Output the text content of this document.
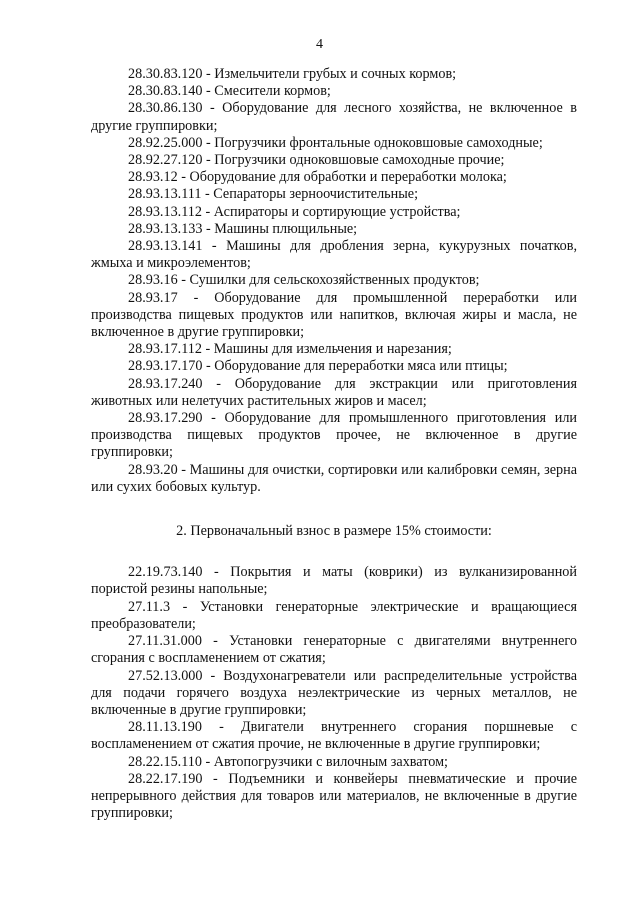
4

28.30.83.120 - Измельчители грубых и сочных кормов;

28.30.83.140 - Смесители кормов;

28.30.86.130 - Оборудование для лесного хозяйства, не включенное в другие группировки;

28.92.25.000 - Погрузчики фронтальные одноковшовые самоходные;

28.92.27.120 - Погрузчики одноковшовые самоходные прочие;

28.93.12 - Оборудование для обработки и переработки молока;

28.93.13.111 - Сепараторы зерноочистительные;

28.93.13.112 - Аспираторы и сортирующие устройства;

28.93.13.133 - Машины плющильные;

28.93.13.141 - Машины для дробления зерна, кукурузных початков, жмыха и микроэлементов;

28.93.16 - Сушилки для сельскохозяйственных продуктов;

28.93.17 - Оборудование для промышленной переработки или производства пищевых продуктов или напитков, включая жиры и масла, не включенное в другие группировки;

28.93.17.112 - Машины для измельчения и нарезания;

28.93.17.170 - Оборудование для переработки мяса или птицы;

28.93.17.240 - Оборудование для экстракции или приготовления животных или нелетучих растительных жиров и масел;

28.93.17.290 - Оборудование для промышленного приготовления или производства пищевых продуктов прочее, не включенное в другие группировки;

28.93.20 - Машины для очистки, сортировки или калибровки семян, зерна или сухих бобовых культур.

2. Первоначальный взнос в размере 15% стоимости:

22.19.73.140 - Покрытия и маты (коврики) из вулканизированной пористой резины напольные;

27.11.3 - Установки генераторные электрические и вращающиеся преобразователи;

27.11.31.000 - Установки генераторные с двигателями внутреннего сгорания с воспламенением от сжатия;

27.52.13.000 - Воздухонагреватели или распределительные устройства для подачи горячего воздуха неэлектрические из черных металлов, не включенные в другие группировки;

28.11.13.190 - Двигатели внутреннего сгорания поршневые с воспламенением от сжатия прочие, не включенные в другие группировки;

28.22.15.110 - Автопогрузчики с вилочным захватом;

28.22.17.190 - Подъемники и конвейеры пневматические и прочие непрерывного действия для товаров или материалов, не включенные в другие группировки;
